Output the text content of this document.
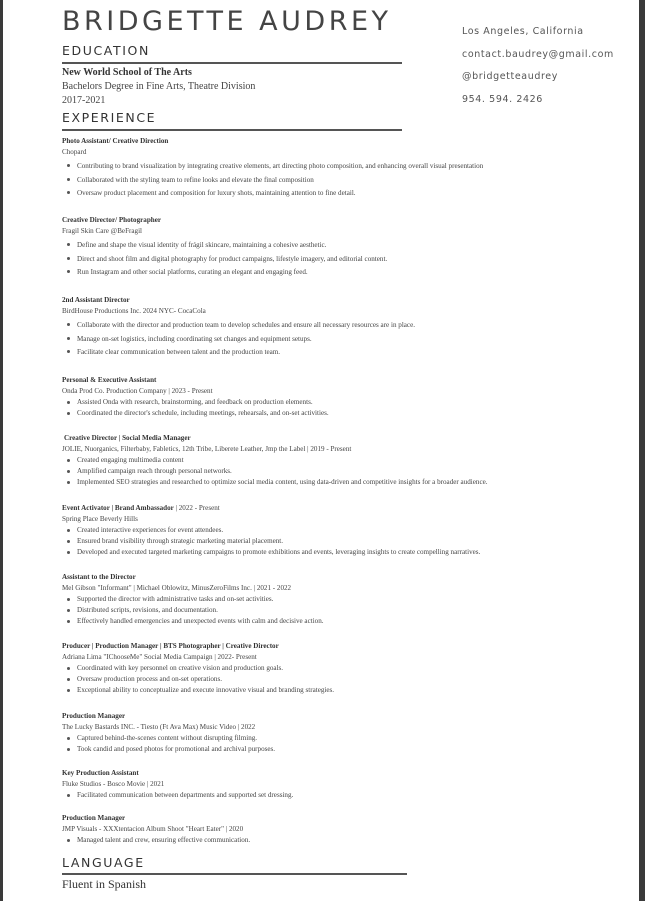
BRIDGETTE AUDREY	Los Angeles, California
contact.baudrey@gmail.com
@bridgetteaudrey
954. 594. 2426
EDUCATION
New World School of The Arts
Bachelors Degree in Fine Arts, Theatre Division
2017-2021
EXPERIENCE
Photo Assistant/ Creative Direction
Chopard
Contributing to brand visualization by integrating creative elements, art directing photo composition, and enhancing overall visual presentation
Collaborated with the styling team to refine looks and elevate the final composition
Oversaw product placement and composition for luxury shots, maintaining attention to fine detail.
Creative Director/ Photographer
Fragil Skin Care @BeFragil
Define and shape the visual identity of frágil skincare, maintaining a cohesive aesthetic.
Direct and shoot film and digital photography for product campaigns, lifestyle imagery, and editorial content.
Run Instagram and other social platforms, curating an elegant and engaging feed.
2nd Assistant Director
BirdHouse Productions Inc. 2024 NYC- CocaCola
Collaborate with the director and production team to develop schedules and ensure all necessary resources are in place.
Manage on-set logistics, including coordinating set changes and equipment setups.
Facilitate clear communication between talent and the production team.
Personal & Executive Assistant
Onda Prod Co. Production Company | 2023 - Present
Assisted Onda with research, brainstorming, and feedback on production elements.
Coordinated the director's schedule, including meetings, rehearsals, and on-set activities.
Creative Director | Social Media Manager
JOLIE, Nuorganics, Filterbaby, Fabletics, 12th Tribe, Liberete Leather, Jmp the Label | 2019 - Present
Created engaging multimedia content
Amplified campaign reach through personal networks.
Implemented SEO strategies and researched to optimize social media content, using data-driven and competitive insights for a broader audience.
Event Activator | Brand Ambassador | 2022 - Present
Spring Place Beverly Hills
Created interactive experiences for event attendees.
Ensured brand visibility through strategic marketing material placement.
Developed and executed targeted marketing campaigns to promote exhibitions and events, leveraging insights to create compelling narratives.
Assistant to the Director
Mel Gibson "Informant" | Michael Oblowitz, MinusZeroFilms Inc. | 2021 - 2022
Supported the director with administrative tasks and on-set activities.
Distributed scripts, revisions, and documentation.
Effectively handled emergencies and unexpected events with calm and decisive action.
Producer | Production Manager | BTS Photographer | Creative Director
Adriana Lima "IChooseMe" Social Media Campaign | 2022- Present
Coordinated with key personnel on creative vision and production goals.
Oversaw production process and on-set operations.
Exceptional ability to conceptualize and execute innovative visual and branding strategies.
Production Manager
The Lucky Bastards INC. - Tiesto (Ft Ava Max) Music Video | 2022
Captured behind-the-scenes content without disrupting filming.
Took candid and posed photos for promotional and archival purposes.
Key Production Assistant
Fluke Studios - Bosco Movie | 2021
Facilitated communication between departments and supported set dressing.
Production Manager
JMP Visuals - XXXtentacion Album Shoot "Heart Eater" | 2020
Managed talent and crew, ensuring effective communication.
LANGUAGE
Fluent in Spanish
